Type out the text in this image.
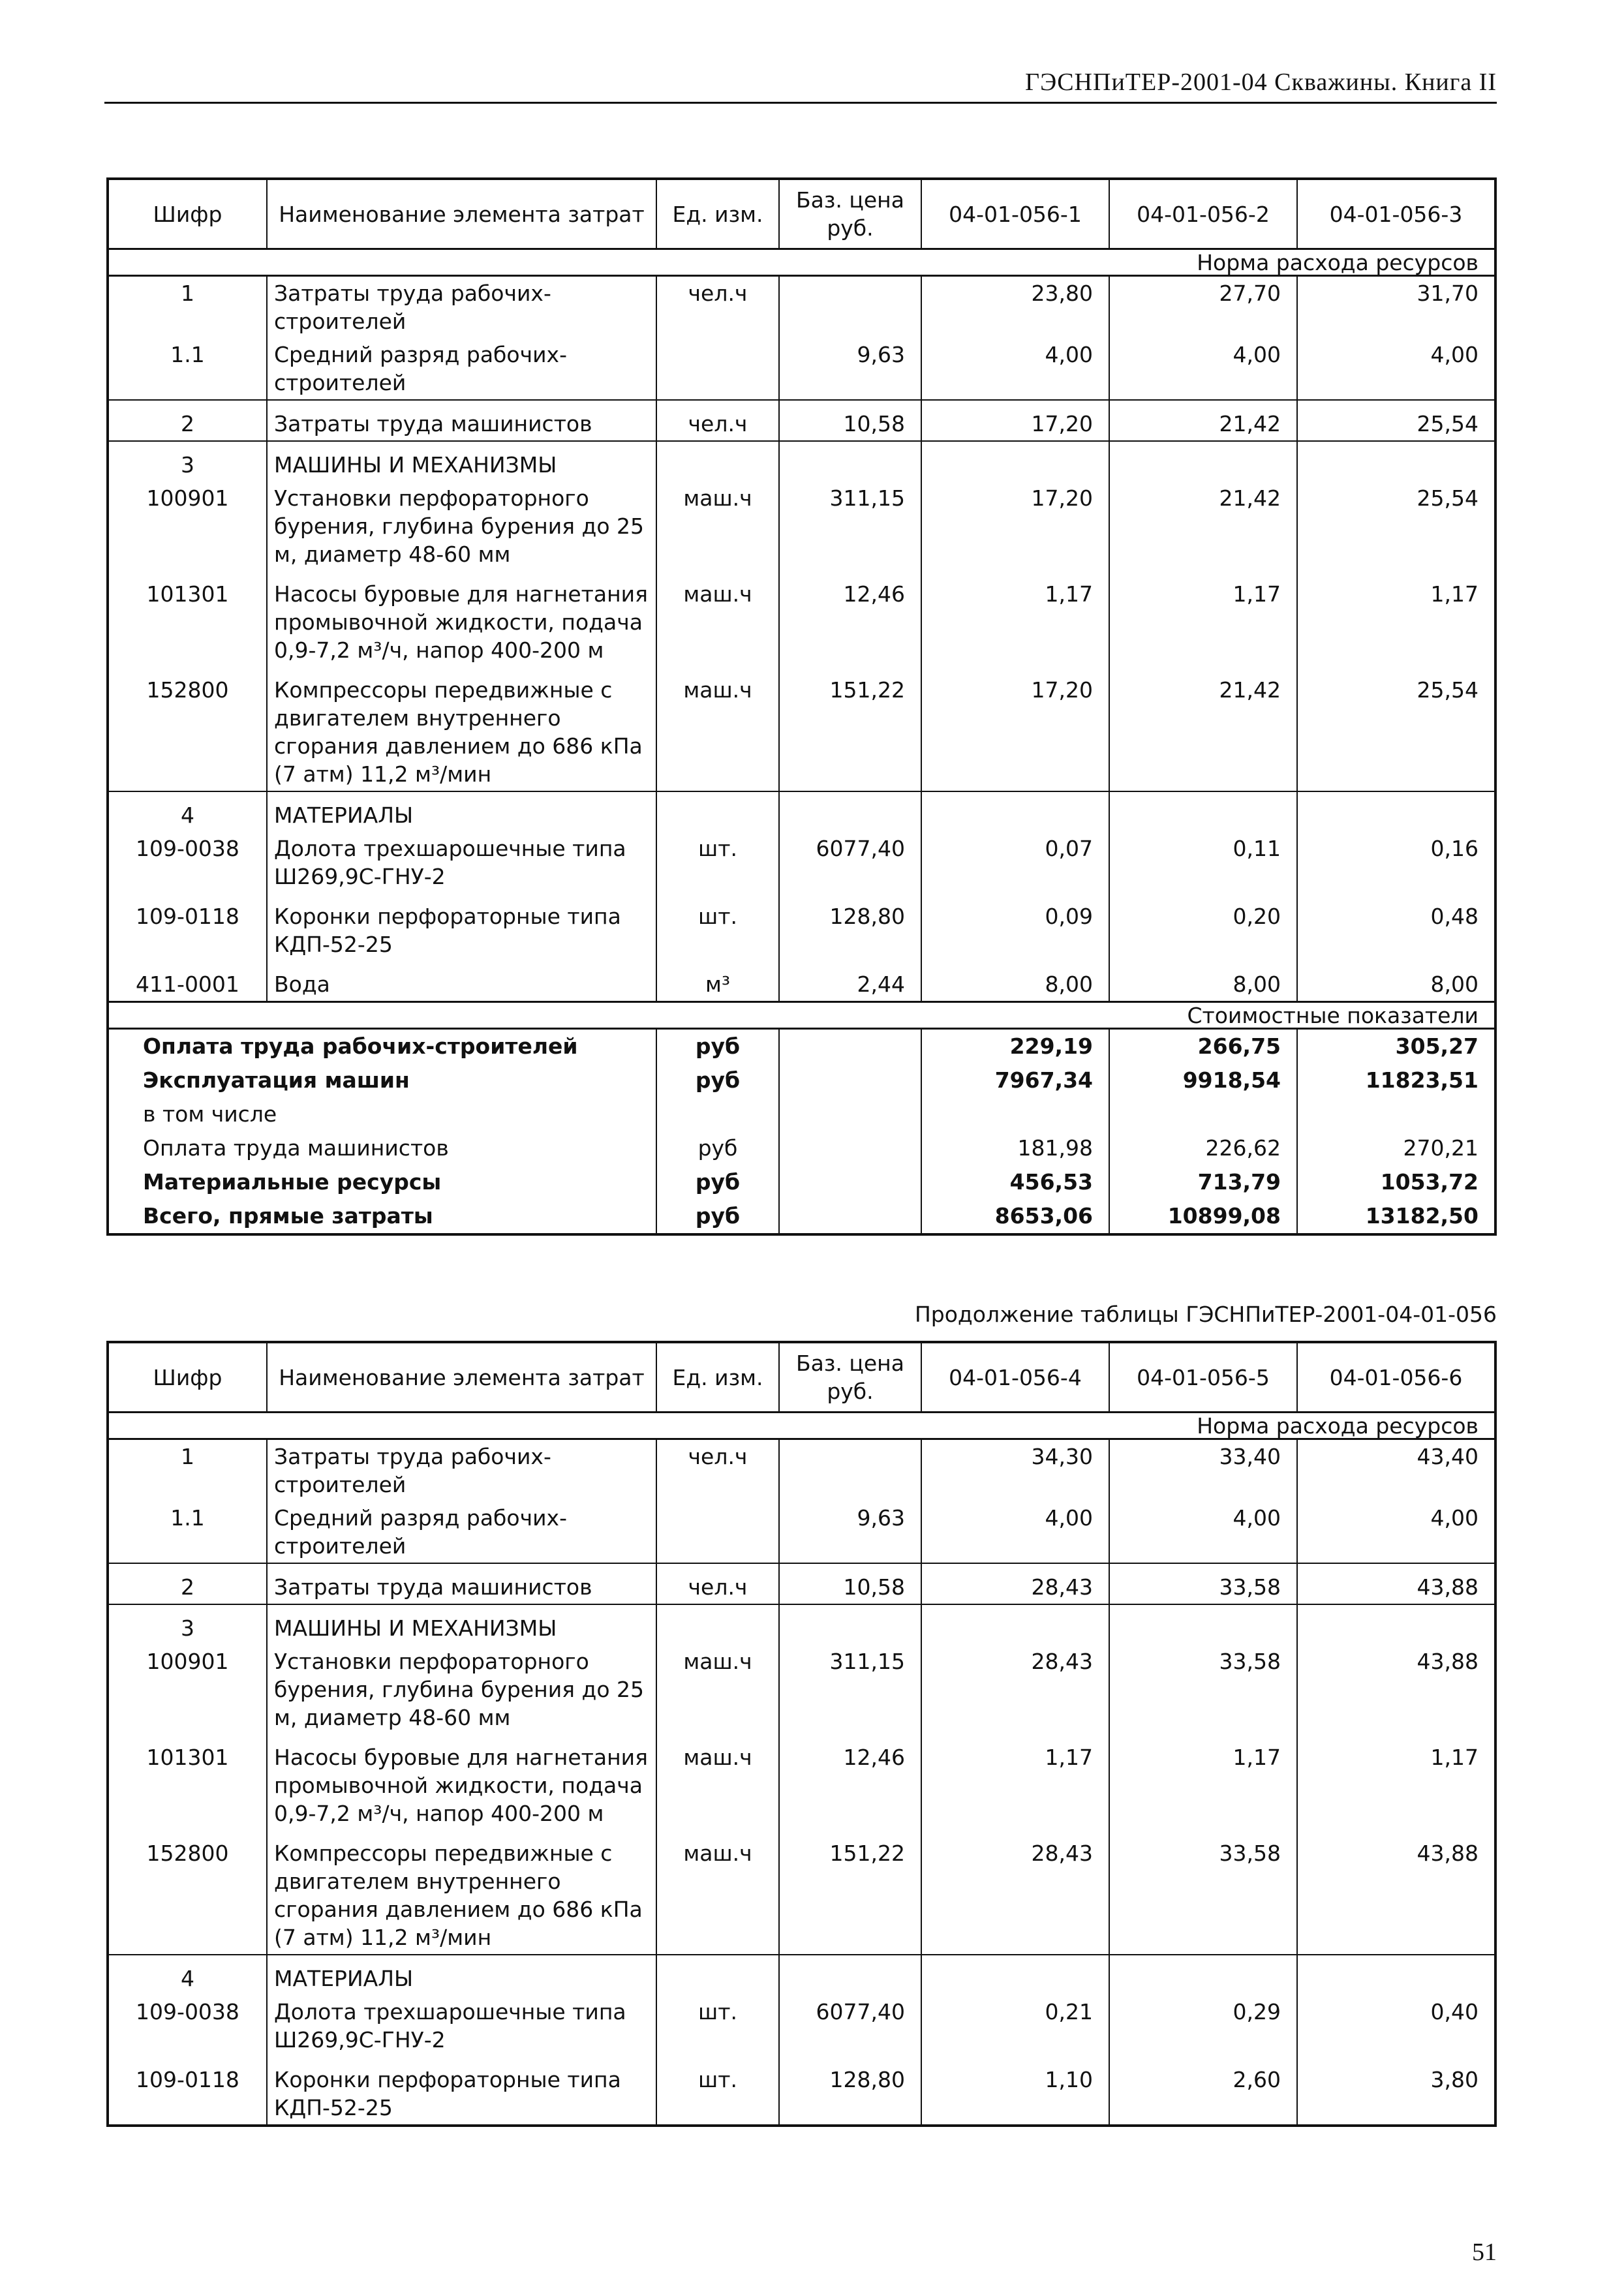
ГЭСНПиТЕР-2001-04 Скважины. Книга II
Шифр	Наименование элемента затрат	Ед. изм.	Баз. цена руб.	04-01-056-1	04-01-056-2	04-01-056-3
Норма расхода ресурсов						
1	Затраты труда рабочих-строителей	чел.ч		23,80	27,70	31,70
1.1	Средний разряд рабочих-строителей		9,63	4,00	4,00	4,00
2	Затраты труда машинистов	чел.ч	10,58	17,20	21,42	25,54
3	МАШИНЫ И МЕХАНИЗМЫ					
100901	Установки перфораторного бурения, глубина бурения до 25 м, диаметр 48-60 мм	маш.ч	311,15	17,20	21,42	25,54
101301	Насосы буровые для нагнетания промывочной жидкости, подача 0,9-7,2 м³/ч, напор 400-200 м	маш.ч	12,46	1,17	1,17	1,17
152800	Компрессоры передвижные с двигателем внутреннего сгорания давлением до 686 кПа (7 атм) 11,2 м³/мин	маш.ч	151,22	17,20	21,42	25,54
4	МАТЕРИАЛЫ					
109-0038	Долота трехшарошечные типа Ш269,9С-ГНУ-2	шт.	6077,40	0,07	0,11	0,16
109-0118	Коронки перфораторные типа КДП-52-25	шт.	128,80	0,09	0,20	0,48
411-0001	Вода	м³	2,44	8,00	8,00	8,00
Стоимостные показатели						
Оплата труда рабочих-строителей		руб		229,19	266,75	305,27
Эксплуатация машин		руб		7967,34	9918,54	11823,51
в том числе						
Оплата труда машинистов		руб		181,98	226,62	270,21
Материальные ресурсы		руб		456,53	713,79	1053,72
Всего, прямые затраты		руб		8653,06	10899,08	13182,50
Продолжение таблицы ГЭСНПиТЕР-2001-04-01-056
Шифр	Наименование элемента затрат	Ед. изм.	Баз. цена руб.	04-01-056-4	04-01-056-5	04-01-056-6
Норма расхода ресурсов						
1	Затраты труда рабочих-строителей	чел.ч		34,30	33,40	43,40
1.1	Средний разряд рабочих-строителей		9,63	4,00	4,00	4,00
2	Затраты труда машинистов	чел.ч	10,58	28,43	33,58	43,88
3	МАШИНЫ И МЕХАНИЗМЫ					
100901	Установки перфораторного бурения, глубина бурения до 25 м, диаметр 48-60 мм	маш.ч	311,15	28,43	33,58	43,88
101301	Насосы буровые для нагнетания промывочной жидкости, подача 0,9-7,2 м³/ч, напор 400-200 м	маш.ч	12,46	1,17	1,17	1,17
152800	Компрессоры передвижные с двигателем внутреннего сгорания давлением до 686 кПа (7 атм) 11,2 м³/мин	маш.ч	151,22	28,43	33,58	43,88
4	МАТЕРИАЛЫ					
109-0038	Долота трехшарошечные типа Ш269,9С-ГНУ-2	шт.	6077,40	0,21	0,29	0,40
109-0118	Коронки перфораторные типа КДП-52-25	шт.	128,80	1,10	2,60	3,80
51
